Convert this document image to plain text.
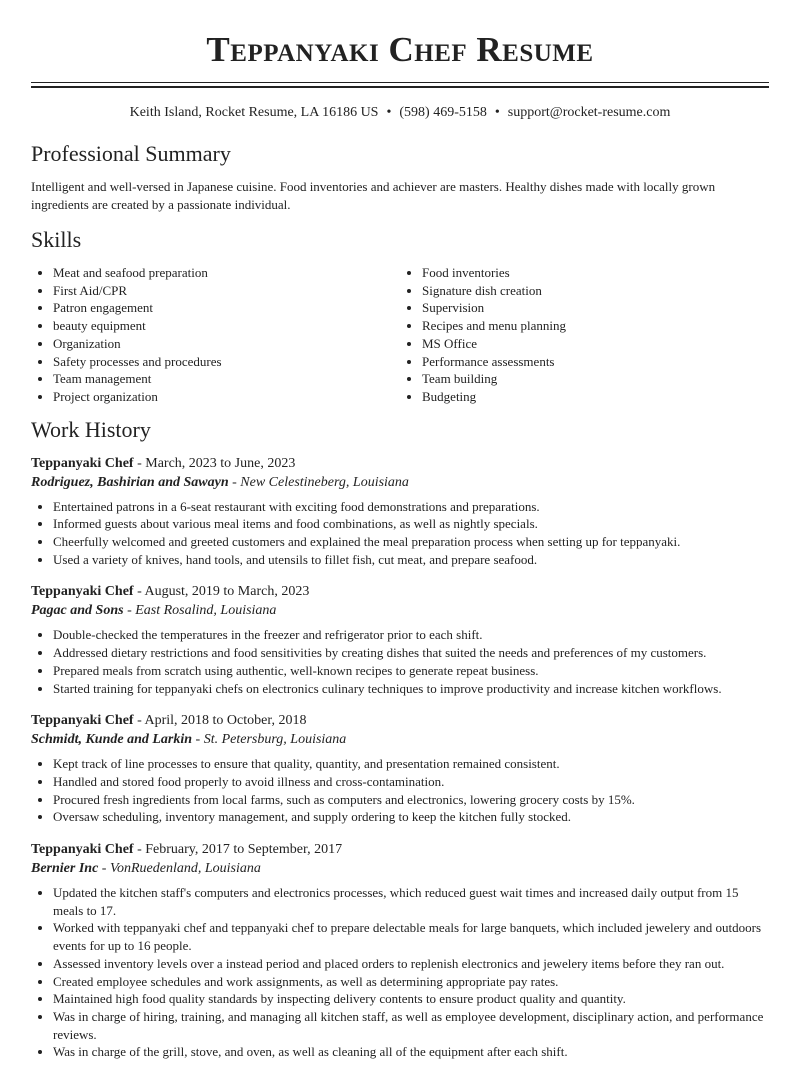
Teppanyaki Chef Resume
Keith Island, Rocket Resume, LA 16186 US • (598) 469-5158 • support@rocket-resume.com
Professional Summary

Intelligent and well-versed in Japanese cuisine. Food inventories and achiever are masters. Healthy dishes made with locally grown ingredients are created by a passionate individual.

Skills
• Meat and seafood preparation
• First Aid/CPR
• Patron engagement
• beauty equipment
• Organization
• Safety processes and procedures
• Team management
• Project organization
• Food inventories
• Signature dish creation
• Supervision
• Recipes and menu planning
• MS Office
• Performance assessments
• Team building
• Budgeting
Work History
Teppanyaki Chef - March, 2023 to June, 2023
Rodriguez, Bashirian and Sawayn - New Celestineberg, Louisiana
• Entertained patrons in a 6-seat restaurant with exciting food demonstrations and preparations.
• Informed guests about various meal items and food combinations, as well as nightly specials.
• Cheerfully welcomed and greeted customers and explained the meal preparation process when setting up for teppanyaki.
• Used a variety of knives, hand tools, and utensils to fillet fish, cut meat, and prepare seafood.
Teppanyaki Chef - August, 2019 to March, 2023
Pagac and Sons - East Rosalind, Louisiana
• Double-checked the temperatures in the freezer and refrigerator prior to each shift.
• Addressed dietary restrictions and food sensitivities by creating dishes that suited the needs and preferences of my customers.
• Prepared meals from scratch using authentic, well-known recipes to generate repeat business.
• Started training for teppanyaki chefs on electronics culinary techniques to improve productivity and increase kitchen workflows.
Teppanyaki Chef - April, 2018 to October, 2018
Schmidt, Kunde and Larkin - St. Petersburg, Louisiana
• Kept track of line processes to ensure that quality, quantity, and presentation remained consistent.
• Handled and stored food properly to avoid illness and cross-contamination.
• Procured fresh ingredients from local farms, such as computers and electronics, lowering grocery costs by 15%.
• Oversaw scheduling, inventory management, and supply ordering to keep the kitchen fully stocked.
Teppanyaki Chef - February, 2017 to September, 2017
Bernier Inc - VonRuedenland, Louisiana
• Updated the kitchen staff's computers and electronics processes, which reduced guest wait times and increased daily output from 15 meals to 17.
• Worked with teppanyaki chef and teppanyaki chef to prepare delectable meals for large banquets, which included jewelery and outdoors events for up to 16 people.
• Assessed inventory levels over a instead period and placed orders to replenish electronics and jewelery items before they ran out.
• Created employee schedules and work assignments, as well as determining appropriate pay rates.
• Maintained high food quality standards by inspecting delivery contents to ensure product quality and quantity.
• Was in charge of hiring, training, and managing all kitchen staff, as well as employee development, disciplinary action, and performance reviews.
• Was in charge of the grill, stove, and oven, as well as cleaning all of the equipment after each shift.
